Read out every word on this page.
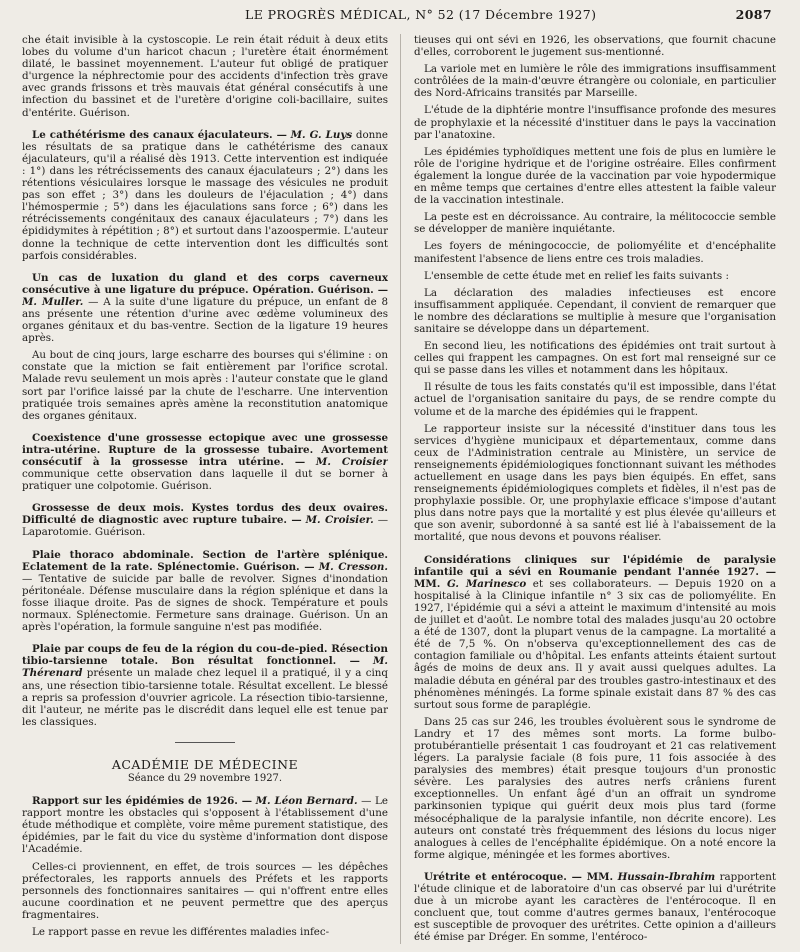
LE PROGRÈS MÉDICAL, N° 52 (17 Décembre 1927)	2087

che était invisible à la cystoscopie. Le rein était réduit à deux etits lobes du volume d'un haricot chacun ; l'uretère était énormément dilaté, le bassinet moyennement. L'auteur fut obligé de pratiquer d'urgence la néphrectomie pour des accidents d'infection très grave avec grands frissons et très mauvais état général consécutifs à une infection du bassinet et de l'uretère d'origine coli-bacillaire, suites d'entérite. Guérison.

Le cathétérisme des canaux éjaculateurs. — M. G. Luys donne les résultats de sa pratique dans le cathétérisme des canaux éjaculateurs, qu'il a réalisé dès 1913. Cette intervention est indiquée : 1°) dans les rétrécissements des canaux éjaculateurs ; 2°) dans les rétentions vésiculaires lorsque le massage des vésicules ne produit pas son effet ; 3°) dans les douleurs de l'éjaculation ; 4°) dans l'hémospermie ; 5°) dans les éjaculations sans force ; 6°) dans les rétrécissements congénitaux des canaux éjaculateurs ; 7°) dans les épididymites à répétition ; 8°) et surtout dans l'azoospermie. L'auteur donne la technique de cette intervention dont les difficultés sont parfois considérables.

Un cas de luxation du gland et des corps caverneux consécutive à une ligature du prépuce. Opération. Guérison. — M. Muller. — A la suite d'une ligature du prépuce, un enfant de 8 ans présente une rétention d'urine avec œdème volumineux des organes génitaux et du bas-ventre. Section de la ligature 19 heures après.

Au bout de cinq jours, large escharre des bourses qui s'élimine : on constate que la miction se fait entièrement par l'orifice scrotal. Malade revu seulement un mois après : l'auteur constate que le gland sort par l'orifice laissé par la chute de l'escharre. Une intervention pratiquée trois semaines après amène la reconstitution anatomique des organes génitaux.

Coexistence d'une grossesse ectopique avec une grossesse intra-utérine. Rupture de la grossesse tubaire. Avortement consécutif à la grossesse intra utérine. — M. Croisier communique cette observation dans laquelle il dut se borner à pratiquer une colpotomie. Guérison.

Grossesse de deux mois. Kystes tordus des deux ovaires. Difficulté de diagnostic avec rupture tubaire. — M. Croisier. — Laparotomie. Guérison.

Plaie thoraco abdominale. Section de l'artère splénique. Eclatement de la rate. Splénectomie. Guérison. — M. Cresson. — Tentative de suicide par balle de revolver. Signes d'inondation péritonéale. Défense musculaire dans la région splénique et dans la fosse iliaque droite. Pas de signes de shock. Température et pouls normaux. Splénectomie. Fermeture sans drainage. Guérison. Un an après l'opération, la formule sanguine n'est pas modifiée.

Plaie par coups de feu de la région du cou-de-pied. Résection tibio-tarsienne totale. Bon résultat fonctionnel. — M. Thérenard présente un malade chez lequel il a pratiqué, il y a cinq ans, une résection tibio-tarsienne totale. Résultat excellent. Le blessé a repris sa profession d'ouvrier agricole. La résection tibio-tarsienne, dit l'auteur, ne mérite pas le discrédit dans lequel elle est tenue par les classiques.

ACADÉMIE DE MÉDECINE
Séance du 29 novembre 1927.

Rapport sur les épidémies de 1926. — M. Léon Bernard. — Le rapport montre les obstacles qui s'opposent à l'établissement d'une étude méthodique et complète, voire même purement statistique, des épidémies, par le fait du vice du système d'information dont dispose l'Académie.

Celles-ci proviennent, en effet, de trois sources — les dépêches préfectorales, les rapports annuels des Préfets et les rapports personnels des fonctionnaires sanitaires — qui n'offrent entre elles aucune coordination et ne peuvent permettre que des aperçus fragmentaires.

Le rapport passe en revue les différentes maladies infec-

tieuses qui ont sévi en 1926, les observations, que fournit chacune d'elles, corroborent le jugement sus-mentionné.

La variole met en lumière le rôle des immigrations insuffisamment contrôlées de la main-d'œuvre étrangère ou coloniale, en particulier des Nord-Africains transités par Marseille.

L'étude de la diphtérie montre l'insuffisance profonde des mesures de prophylaxie et la nécessité d'instituer dans le pays la vaccination par l'anatoxine.

Les épidémies typhoïdiques mettent une fois de plus en lumière le rôle de l'origine hydrique et de l'origine ostréaire. Elles confirment également la longue durée de la vaccination par voie hypodermique en même temps que certaines d'entre elles attestent la faible valeur de la vaccination intestinale.

La peste est en décroissance. Au contraire, la mélitococcie semble se développer de manière inquiétante.

Les foyers de méningococcie, de poliomyélite et d'encéphalite manifestent l'absence de liens entre ces trois maladies.

L'ensemble de cette étude met en relief les faits suivants :

La déclaration des maladies infectieuses est encore insuffisamment appliquée. Cependant, il convient de remarquer que le nombre des déclarations se multiplie à mesure que l'organisation sanitaire se développe dans un département.

En second lieu, les notifications des épidémies ont trait surtout à celles qui frappent les campagnes. On est fort mal renseigné sur ce qui se passe dans les villes et notamment dans les hôpitaux.

Il résulte de tous les faits constatés qu'il est impossible, dans l'état actuel de l'organisation sanitaire du pays, de se rendre compte du volume et de la marche des épidémies qui le frappent.

Le rapporteur insiste sur la nécessité d'instituer dans tous les services d'hygiène municipaux et départementaux, comme dans ceux de l'Administration centrale au Ministère, un service de renseignements épidémiologiques fonctionnant suivant les méthodes actuellement en usage dans les pays bien équipés. En effet, sans renseignements épidémiologiques complets et fidèles, il n'est pas de prophylaxie possible. Or, une prophylaxie efficace s'impose d'autant plus dans notre pays que la mortalité y est plus élevée qu'ailleurs et que son avenir, subordonné à sa santé est lié à l'abaissement de la mortalité, que nous devons et pouvons réaliser.

Considérations cliniques sur l'épidémie de paralysie infantile qui a sévi en Roumanie pendant l'année 1927. — MM. G. Marinesco et ses collaborateurs. — Depuis 1920 on a hospitalisé à la Clinique infantile n° 3 six cas de poliomyélite. En 1927, l'épidémie qui a sévi a atteint le maximum d'intensité au mois de juillet et d'août. Le nombre total des malades jusqu'au 20 octobre a été de 1307, dont la plupart venus de la campagne. La mortalité a été de 7,5 %. On n'observa qu'exceptionnellement des cas de contagion familiale ou d'hôpital. Les enfants atteints étaient surtout âgés de moins de deux ans. Il y avait aussi quelques adultes. La maladie débuta en général par des troubles gastro-intestinaux et des phénomènes méningés. La forme spinale existait dans 87 % des cas surtout sous forme de paraplégie.

Dans 25 cas sur 246, les troubles évoluèrent sous le syndrome de Landry et 17 des mêmes sont morts. La forme bulbo-protubérantielle présentait 1 cas foudroyant et 21 cas relativement légers. La paralysie faciale (8 fois pure, 11 fois associée à des paralysies des membres) était presque toujours d'un pronostic sévère. Les paralysies des autres nerfs crâniens furent exceptionnelles. Un enfant âgé d'un an offrait un syndrome parkinsonien typique qui guérit deux mois plus tard (forme mésocéphalique de la paralysie infantile, non décrite encore). Les auteurs ont constaté très fréquemment des lésions du locus niger analogues à celles de l'encéphalite épidémique. On a noté encore la forme algique, méningée et les formes abortives.

Urétrite et entérocoque. — MM. Hussain-Ibrahim rapportent l'étude clinique et de laboratoire d'un cas observé par lui d'urétrite due à un microbe ayant les caractères de l'entérocoque. Il en concluent que, tout comme d'autres germes banaux, l'entérocoque est susceptible de provoquer des urétrites. Cette opinion a d'ailleurs été émise par Dréger. En somme, l'entéroco-
